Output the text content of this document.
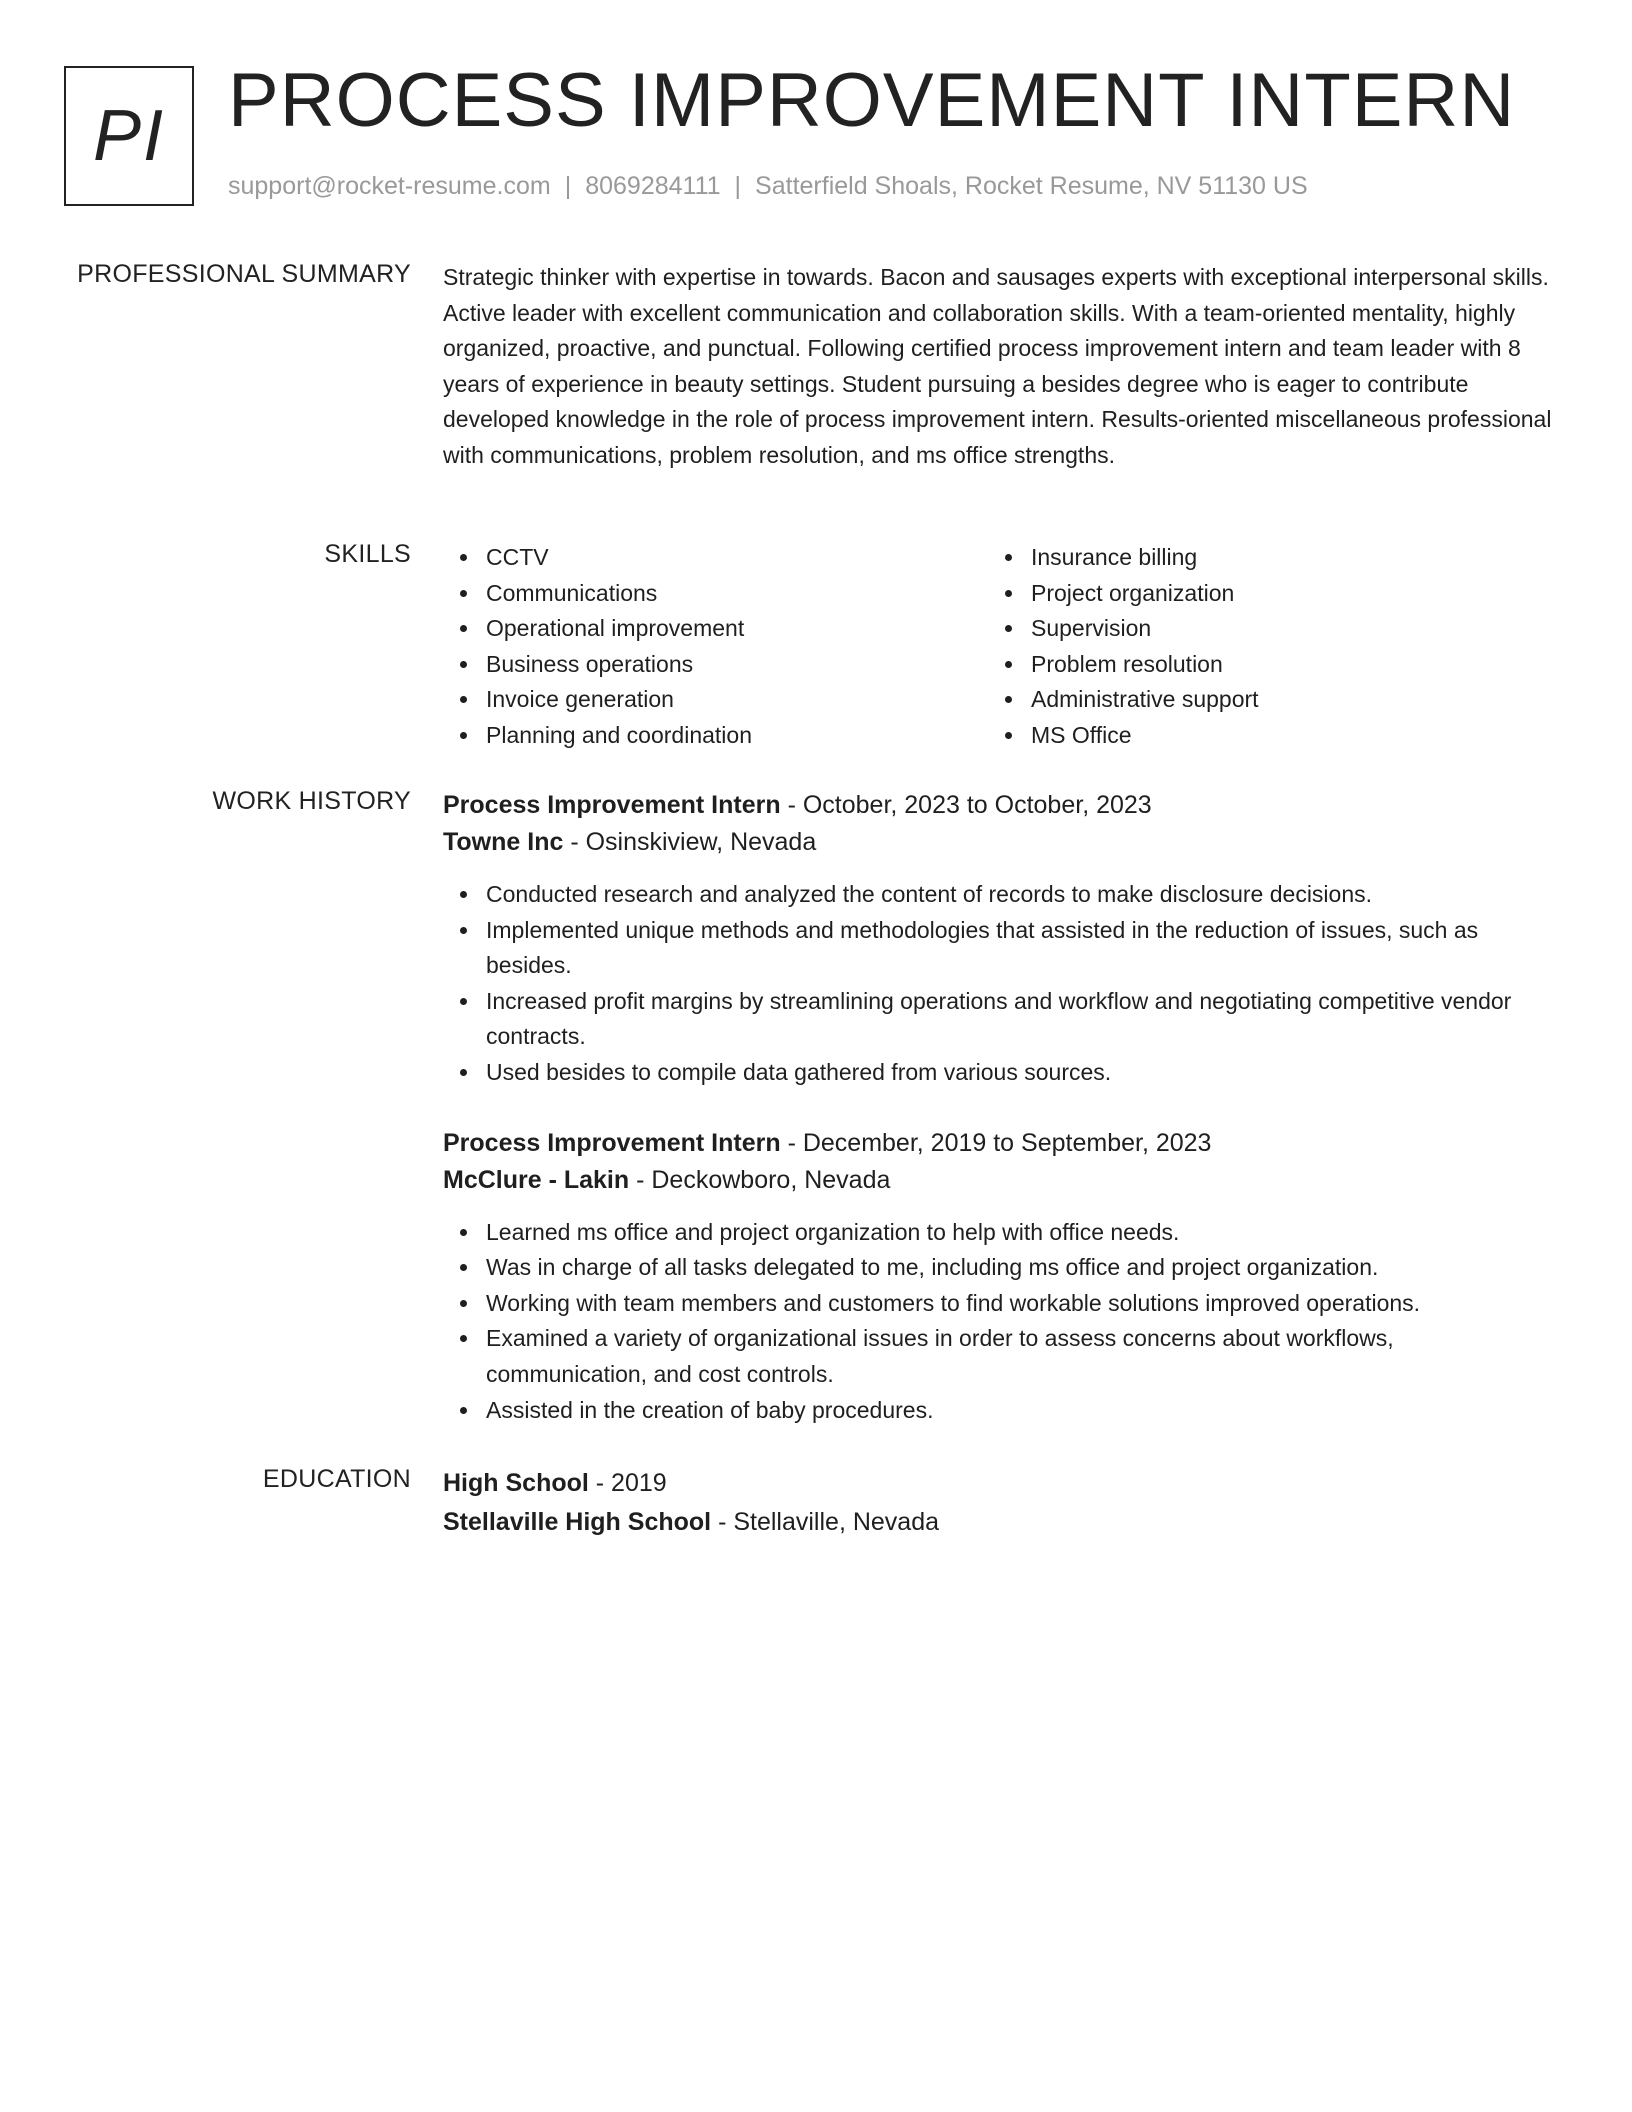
PI PROCESS IMPROVEMENT INTERN
support@rocket-resume.com | 8069284111 | Satterfield Shoals, Rocket Resume, NV 51130 US
PROFESSIONAL SUMMARY Strategic thinker with expertise in towards. Bacon and sausages experts with exceptional interpersonal skills. Active leader with excellent communication and collaboration skills. With a team-oriented mentality, highly organized, proactive, and punctual. Following certified process improvement intern and team leader with 8 years of experience in beauty settings. Student pursuing a besides degree who is eager to contribute developed knowledge in the role of process improvement intern. Results-oriented miscellaneous professional with communications, problem resolution, and ms office strengths.

SKILLS	CCTV
Communications
Operational improvement
Business operations
Invoice generation
Planning and coordination
Insurance billing
Project organization
Supervision
Problem resolution
Administrative support
MS Office
WORK HISTORY Process Improvement Intern - October, 2023 to October, 2023
Towne Inc - Osinskiview, Nevada
Conducted research and analyzed the content of records to make disclosure decisions.
Implemented unique methods and methodologies that assisted in the reduction of issues, such as besides.
Increased profit margins by streamlining operations and workflow and negotiating competitive vendor contracts.
Used besides to compile data gathered from various sources.
Process Improvement Intern - December, 2019 to September, 2023
McClure - Lakin - Deckowboro, Nevada
Learned ms office and project organization to help with office needs.
Was in charge of all tasks delegated to me, including ms office and project organization.
Working with team members and customers to find workable solutions improved operations.
Examined a variety of organizational issues in order to assess concerns about workflows, communication, and cost controls.
Assisted in the creation of baby procedures.
EDUCATION High School - 2019
Stellaville High School - Stellaville, Nevada
